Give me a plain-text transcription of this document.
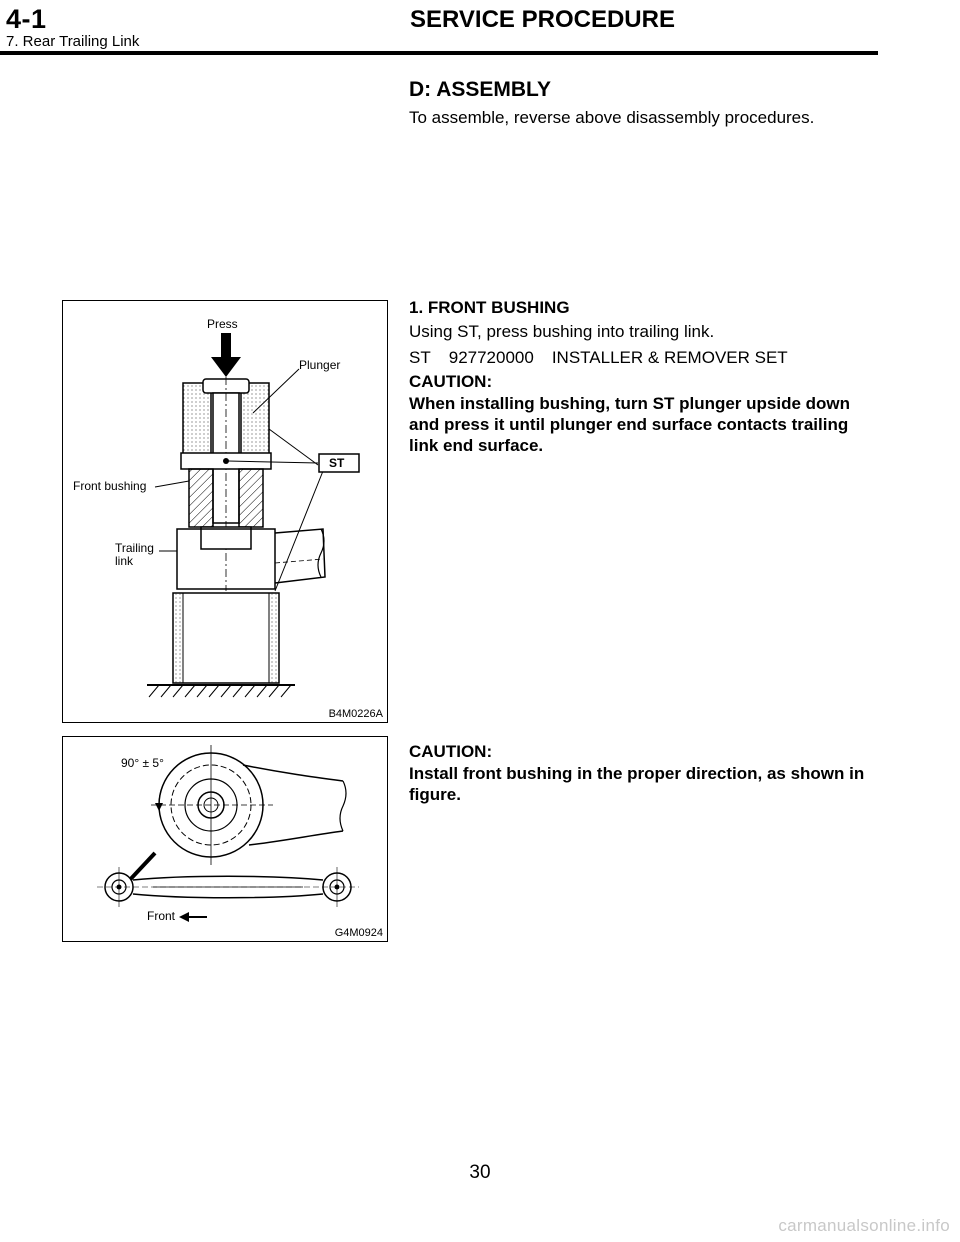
4-1	SERVICE PROCEDURE
7. Rear Trailing Link
D: ASSEMBLY
To assemble, reverse above disassembly procedures.
1. FRONT BUSHING
Using ST, press bushing into trailing link.
ST 927720000 INSTALLER & REMOVER SET
CAUTION:
When installing bushing, turn ST plunger upside down and press it until plunger end surface contacts trailing link end surface.
CAUTION:
Install front bushing in the proper direction, as shown in figure.
Press
Plunger
ST
Front bushing
Trailing
link
B4M0226A
90° ± 5°
Front
G4M0924
30
carmanualsonline.info
